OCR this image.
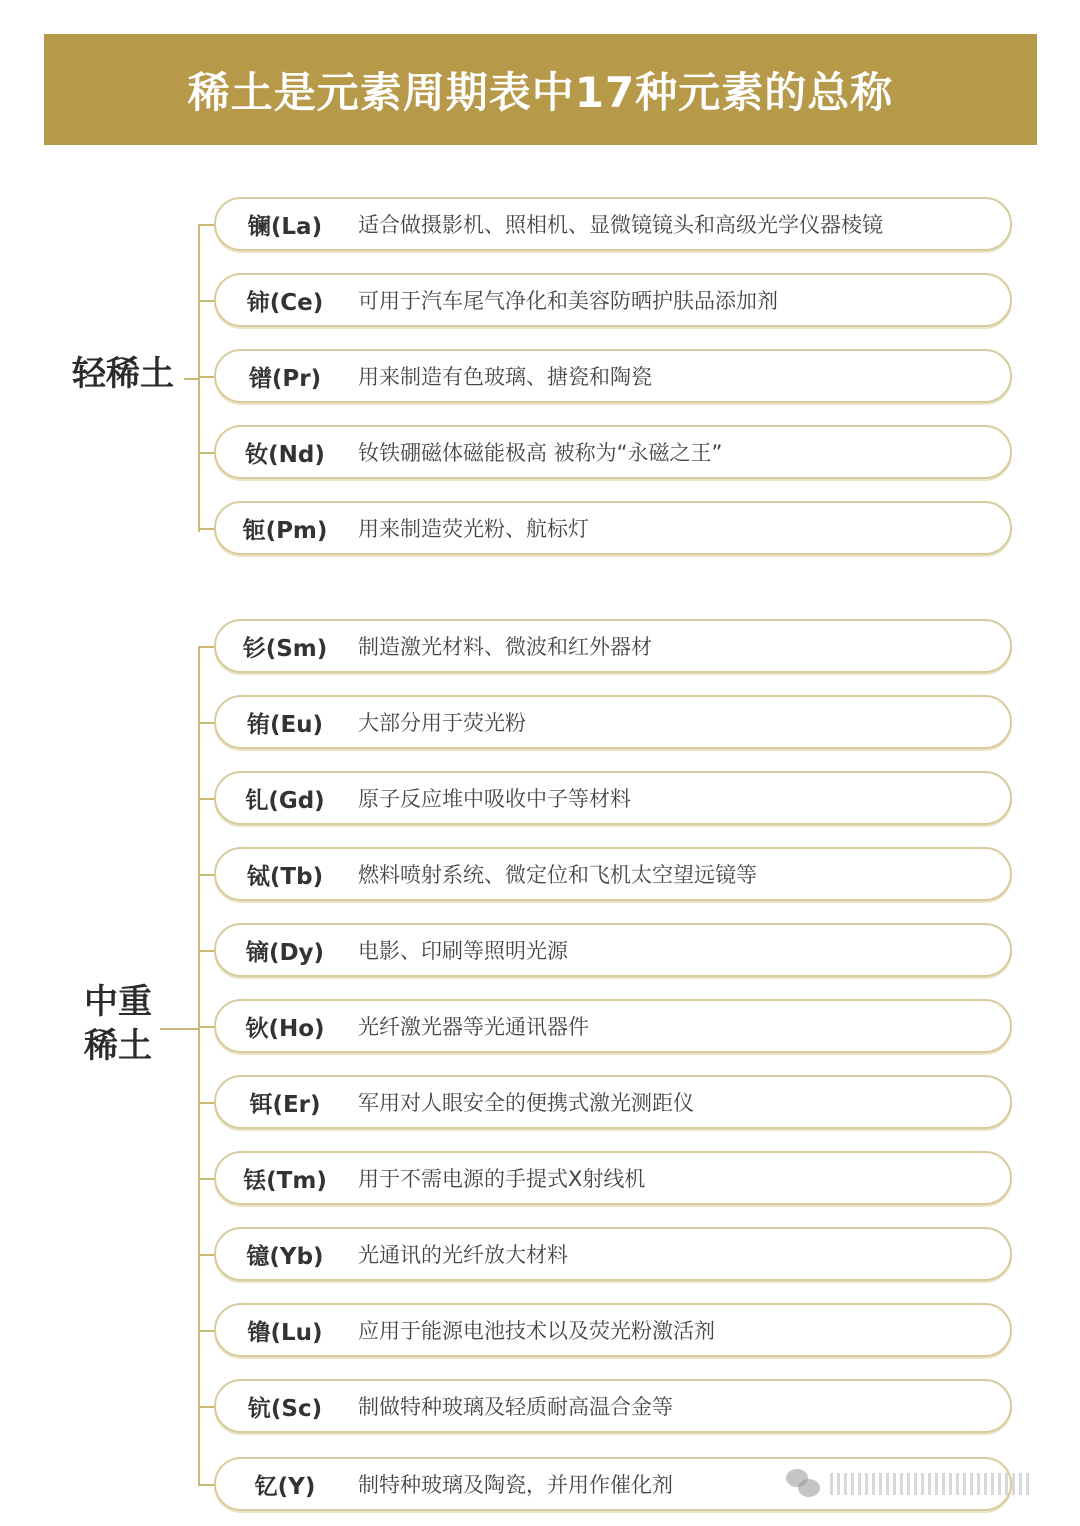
稀土是元素周期表中17种元素的总称
轻稀土
镧(La)	适合做摄影机、照相机、显微镜镜头和高级光学仪器棱镜
铈(Ce)	可用于汽车尾气净化和美容防晒护肤品添加剂
镨(Pr)	用来制造有色玻璃、搪瓷和陶瓷
钕(Nd)	钕铁硼磁体磁能极高 被称为“永磁之王”
钷(Pm)	用来制造荧光粉、航标灯
中重
稀土
钐(Sm)	制造激光材料、微波和红外器材
铕(Eu)	大部分用于荧光粉
钆(Gd)	原子反应堆中吸收中子等材料
铽(Tb)	燃料喷射系统、微定位和飞机太空望远镜等
镝(Dy)	电影、印刷等照明光源
钬(Ho)	光纤激光器等光通讯器件
铒(Er)	军用对人眼安全的便携式激光测距仪
铥(Tm)	用于不需电源的手提式X射线机
镱(Yb)	光通讯的光纤放大材料
镥(Lu)	应用于能源电池技术以及荧光粉激活剂
钪(Sc)	制做特种玻璃及轻质耐高温合金等
钇(Y)	制特种玻璃及陶瓷，并用作催化剂
